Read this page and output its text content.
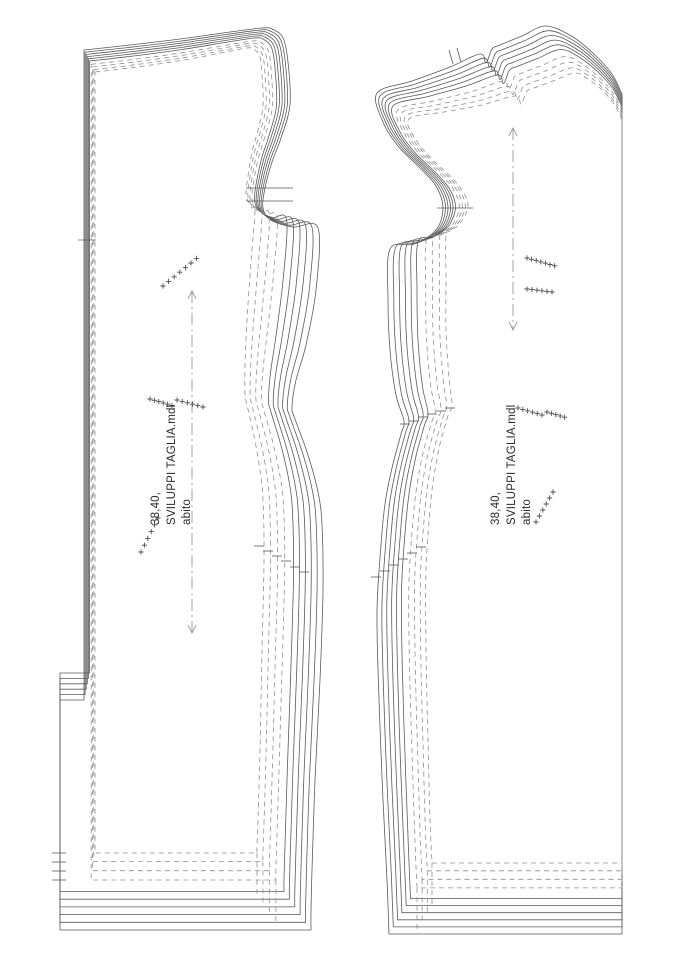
38,40, SVILUPPI TAGLIA.mdl abito	38,40, SVILUPPI TAGLIA.mdl abito
